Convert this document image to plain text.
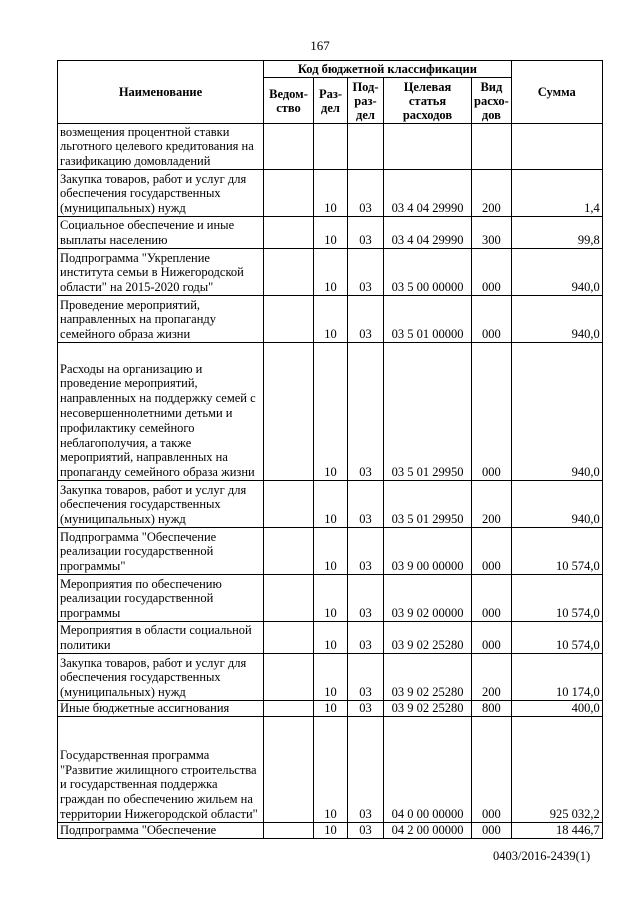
167
Наименование	Код бюджетной классификации					Сумма
	Ведом-ство	Раз-дел	Под-раз-дел	Целевая статья расходов	Вид расхо-дов	
возмещения процентной ставки льготного целевого кредитования на газификацию домовладений						
Закупка товаров, работ и услуг для обеспечения государственных (муниципальных) нужд		10	03	03 4 04 29990	200	1,4
Социальное обеспечение и иные выплаты населению		10	03	03 4 04 29990	300	99,8
Подпрограмма "Укрепление института семьи в Нижегородской области" на 2015-2020 годы"		10	03	03 5 00 00000	000	940,0
Проведение мероприятий, направленных на пропаганду семейного образа жизни		10	03	03 5 01 00000	000	940,0
Расходы на организацию и проведение мероприятий, направленных на поддержку семей с несовершеннолетними детьми и профилактику семейного неблагополучия, а также мероприятий, направленных на пропаганду семейного образа жизни		10	03	03 5 01 29950	000	940,0
Закупка товаров, работ и услуг для обеспечения государственных (муниципальных) нужд		10	03	03 5 01 29950	200	940,0
Подпрограмма "Обеспечение реализации государственной программы"		10	03	03 9 00 00000	000	10 574,0
Мероприятия по обеспечению реализации государственной программы		10	03	03 9 02 00000	000	10 574,0
Мероприятия в области социальной политики		10	03	03 9 02 25280	000	10 574,0
Закупка товаров, работ и услуг для обеспечения государственных (муниципальных) нужд		10	03	03 9 02 25280	200	10 174,0
Иные бюджетные ассигнования		10	03	03 9 02 25280	800	400,0
Государственная программа "Развитие жилищного строительства и государственная поддержка граждан по обеспечению жильем на территории Нижегородской области"		10	03	04 0 00 00000	000	925 032,2
Подпрограмма "Обеспечение		10	03	04 2 00 00000	000	18 446,7
0403/2016-2439(1)
